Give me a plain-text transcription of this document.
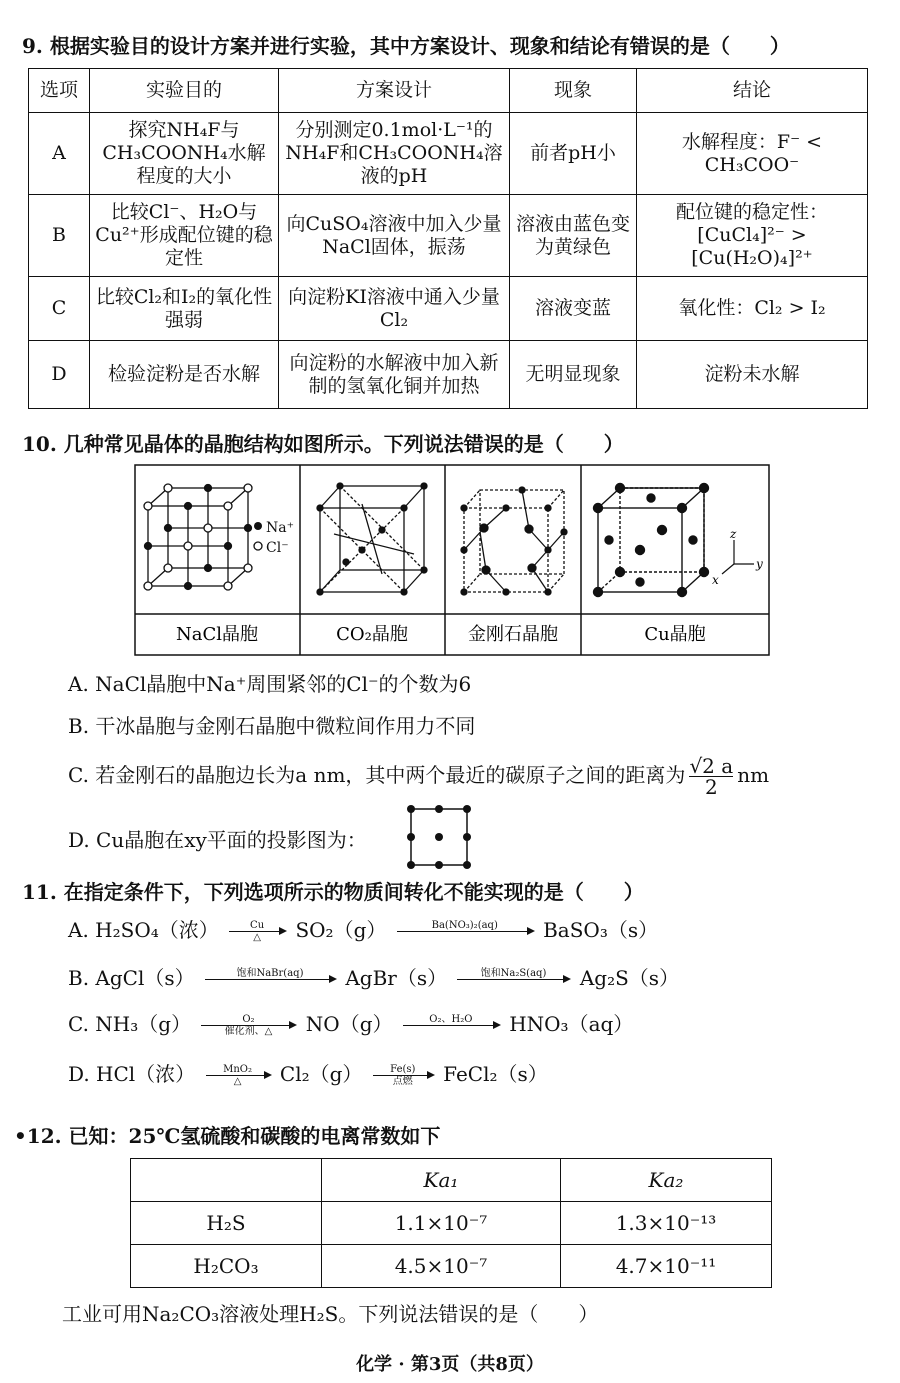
9. 根据实验目的设计方案并进行实验，其中方案设计、现象和结论有错误的是（　　）
选项	实验目的	方案设计	现象	结论
A	探究NH₄F与CH₃COONH₄水解程度的大小	分别测定0.1mol·L⁻¹的NH₄F和CH₃COONH₄溶液的pH	前者pH小	水解程度：F⁻ < CH₃COO⁻
B	比较Cl⁻、H₂O与Cu²⁺形成配位键的稳定性	向CuSO₄溶液中加入少量NaCl固体，振荡	溶液由蓝色变为黄绿色	配位键的稳定性：[CuCl₄]²⁻ > [Cu(H₂O)₄]²⁺
C	比较Cl₂和I₂的氧化性强弱	向淀粉KI溶液中通入少量Cl₂	溶液变蓝	氧化性：Cl₂ > I₂
D	检验淀粉是否水解	向淀粉的水解液中加入新制的氢氧化铜并加热	无明显现象	淀粉未水解
10. 几种常见晶体的晶胞结构如图所示。下列说法错误的是（　　）
Na⁺
Cl⁻
z
y
x
NaCl晶胞	CO₂晶胞	金刚石晶胞	Cu晶胞
A. NaCl晶胞中Na⁺周围紧邻的Cl⁻的个数为6
B. 干冰晶胞与金刚石晶胞中微粒间作用力不同
C. 若金刚石的晶胞边长为a nm，其中两个最近的碳原子之间的距离为 $\frac{√2 a}{2}$ nm
D. Cu晶胞在xy平面的投影图为：
11. 在指定条件下，下列选项所示的物质间转化不能实现的是（　　）
A. H₂SO₄（浓）	Cu
△	SO₂（g）	Ba(NO₃)₂(aq)	BaSO₃（s）
B. AgCl（s）	饱和NaBr(aq)	AgBr（s）	饱和Na₂S(aq)	Ag₂S（s）
C. NH₃（g）	O₂
催化剂、△	NO（g）	O₂、H₂O	HNO₃（aq）
D. HCl（浓）	MnO₂
△	Cl₂（g）	Fe(s)
点燃	FeCl₂（s）
•12. 已知：25℃氢硫酸和碳酸的电离常数如下
	Ka₁	Ka₂
H₂S	1.1×10⁻⁷	1.3×10⁻¹³
H₂CO₃	4.5×10⁻⁷	4.7×10⁻¹¹
工业可用Na₂CO₃溶液处理H₂S。下列说法错误的是（　　）
化学 · 第3页（共8页）
